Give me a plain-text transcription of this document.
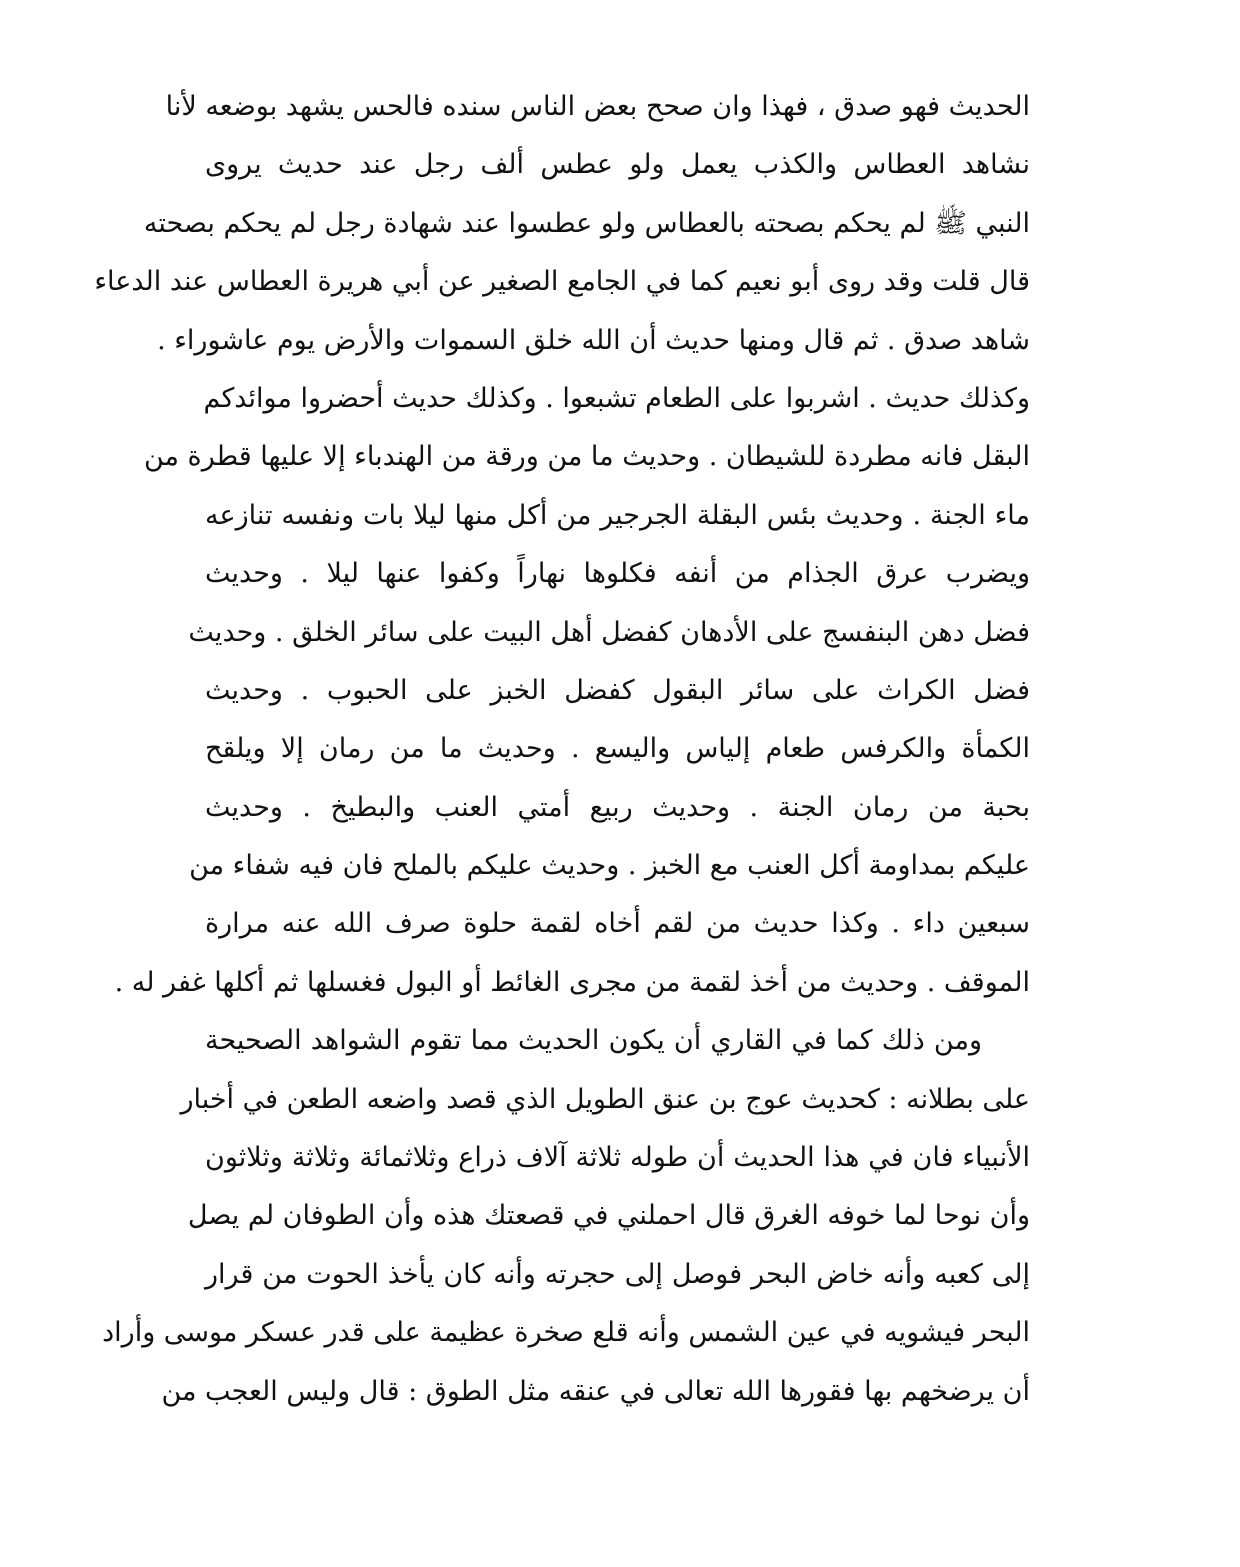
الحديث فهو صدق ، فهذا وان صحح بعض الناس سنده فالحس يشهد بوضعه لأنا
نشاهد العطاس والكذب يعمل ولو عطس ألف رجل عند حديث يروى
النبي ﷺ لم يحكم بصحته بالعطاس ولو عطسوا عند شهادة رجل لم يحكم بصحته
قال قلت وقد روى أبو نعيم كما في الجامع الصغير عن أبي هريرة العطاس عند الدعاء
شاهد صدق . ثم قال ومنها حديث أن الله خلق السموات والأرض يوم عاشوراء .
وكذلك حديث . اشربوا على الطعام تشبعوا . وكذلك حديث أحضروا موائدكم
البقل فانه مطردة للشيطان . وحديث ما من ورقة من الهندباء إلا عليها قطرة من
ماء الجنة . وحديث بئس البقلة الجرجير من أكل منها ليلا بات ونفسه تنازعه
ويضرب عرق الجذام من أنفه فكلوها نهاراً وكفوا عنها ليلا . وحديث
فضل دهن البنفسج على الأدهان كفضل أهل البيت على سائر الخلق . وحديث
فضل الكراث على سائر البقول كفضل الخبز على الحبوب . وحديث
الكمأة والكرفس طعام إلياس واليسع . وحديث ما من رمان إلا ويلقح
بحبة من رمان الجنة . وحديث ربيع أمتي العنب والبطيخ . وحديث
عليكم بمداومة أكل العنب مع الخبز . وحديث عليكم بالملح فان فيه شفاء من
سبعين داء . وكذا حديث من لقم أخاه لقمة حلوة صرف الله عنه مرارة
الموقف . وحديث من أخذ لقمة من مجرى الغائط أو البول فغسلها ثم أكلها غفر له .
ومن ذلك كما في القاري أن يكون الحديث مما تقوم الشواهد الصحيحة
على بطلانه : كحديث عوج بن عنق الطويل الذي قصد واضعه الطعن في أخبار
الأنبياء فان في هذا الحديث أن طوله ثلاثة آلاف ذراع وثلاثمائة وثلاثة وثلاثون
وأن نوحا لما خوفه الغرق قال احملني في قصعتك هذه وأن الطوفان لم يصل
إلى كعبه وأنه خاض البحر فوصل إلى حجرته وأنه كان يأخذ الحوت من قرار
البحر فيشويه في عين الشمس وأنه قلع صخرة عظيمة على قدر عسكر موسى وأراد
أن يرضخهم بها فقورها الله تعالى في عنقه مثل الطوق : قال وليس العجب من
